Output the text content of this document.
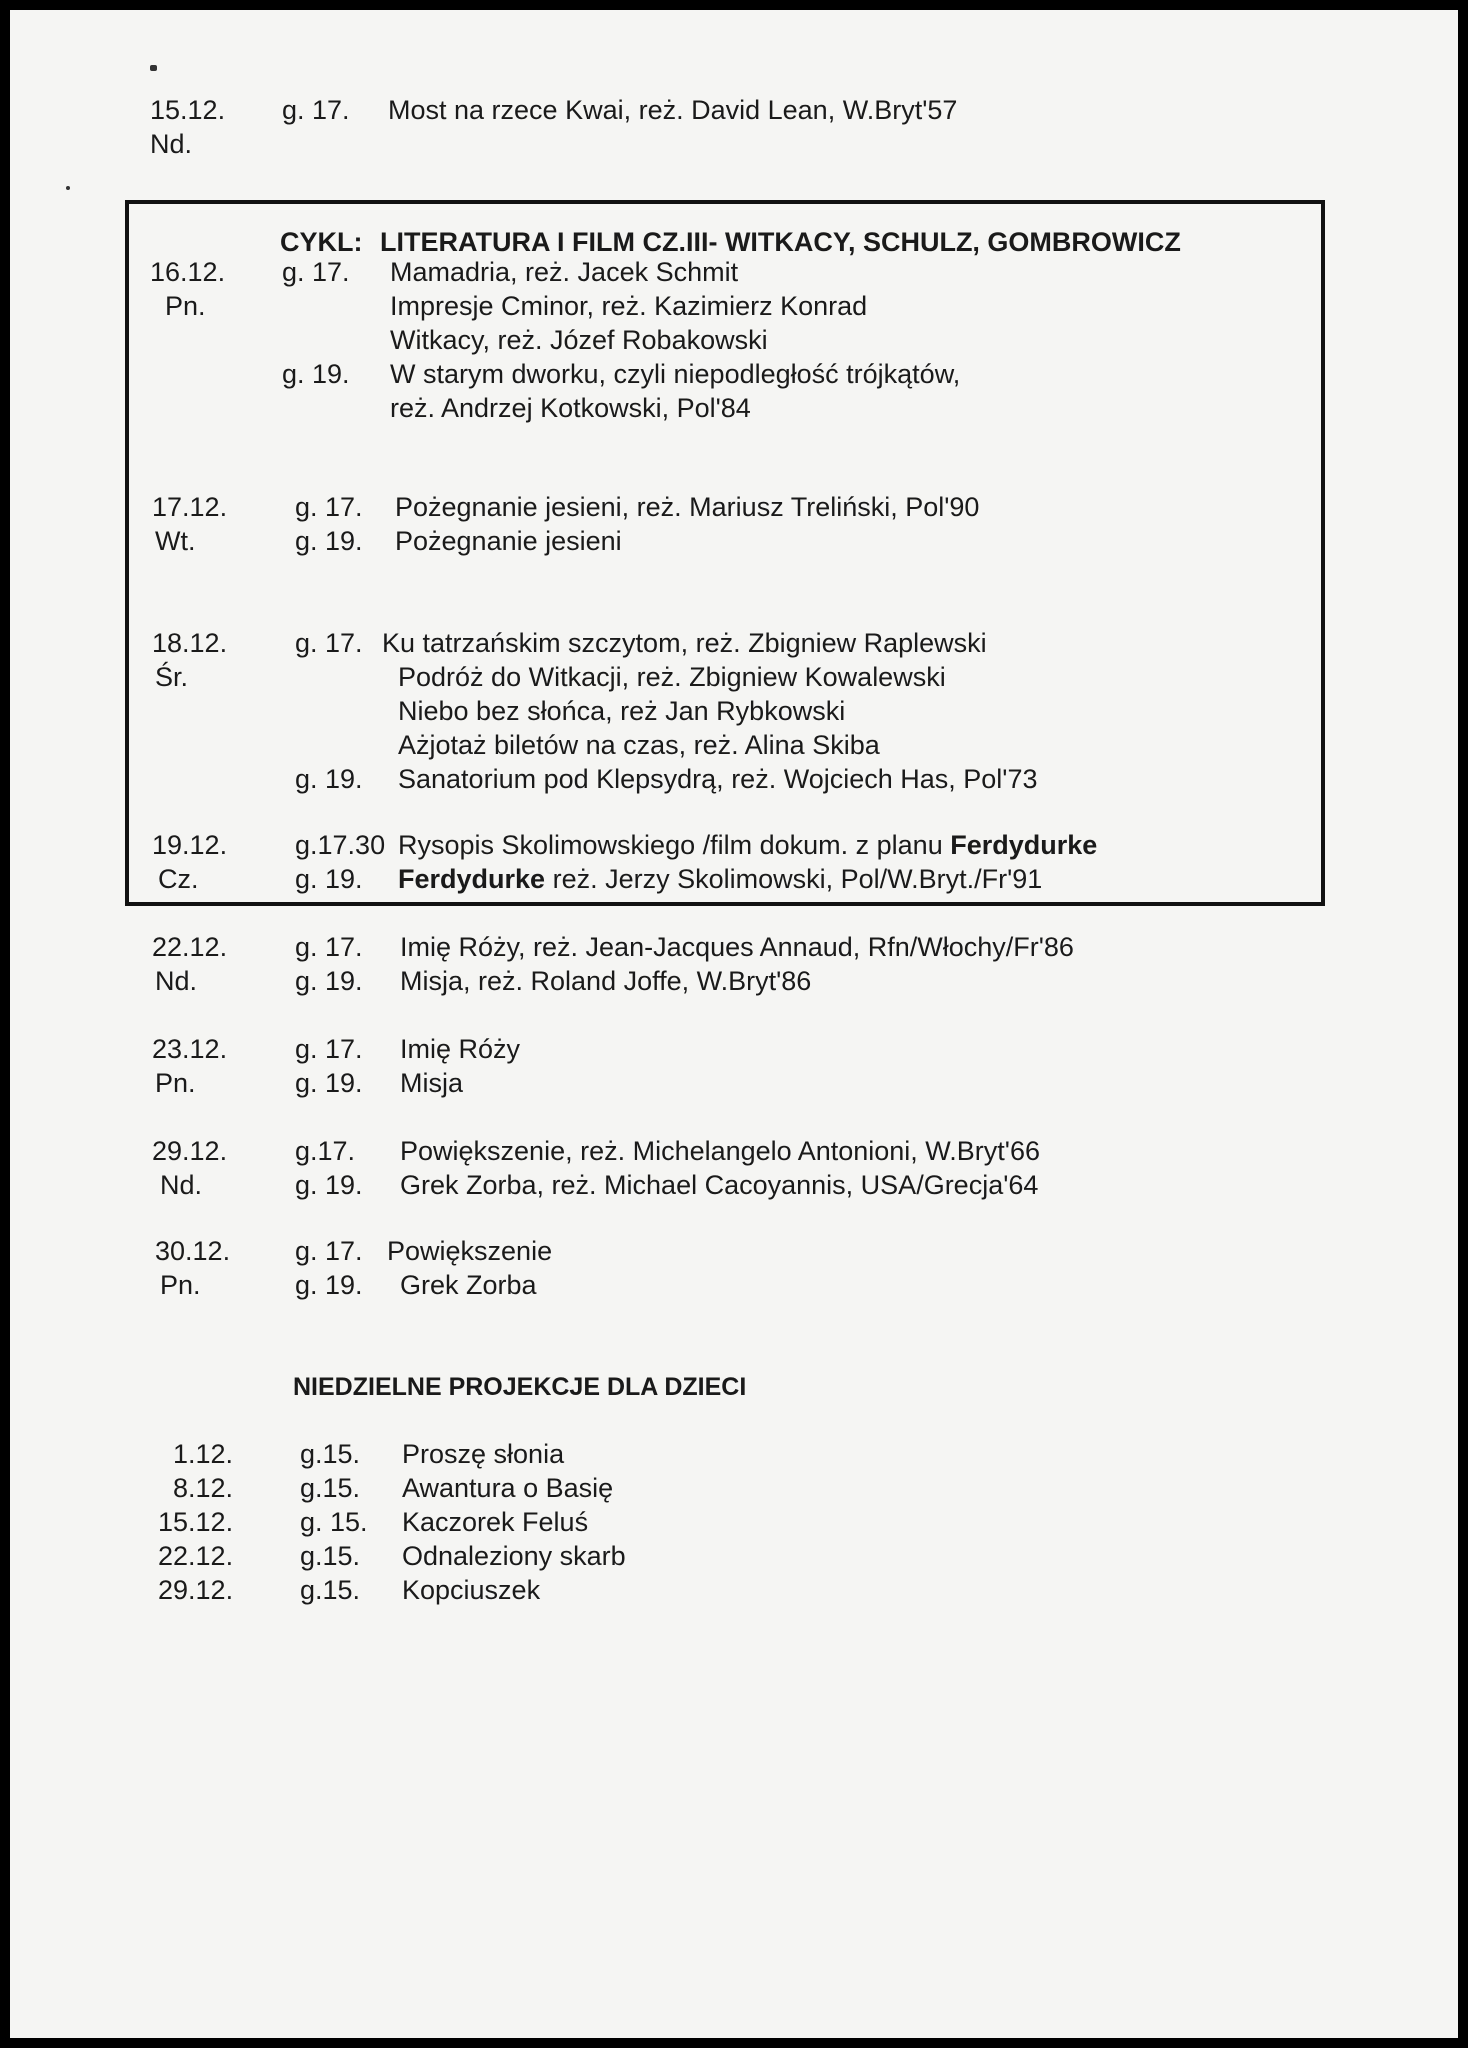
15.12.
Nd.
g. 17. Most na rzece Kwai, reż. David Lean, W.Bryt'57
CYKL: LITERATURA I FILM CZ.III- WITKACY, SCHULZ, GOMBROWICZ
16.12.
Pn.
g. 17. Mamadria, reż. Jacek Schmit
Impresje Cminor, reż. Kazimierz Konrad
Witkacy, reż. Józef Robakowski
g. 19. W starym dworku, czyli niepodległość trójkątów,
reż. Andrzej Kotkowski, Pol'84
17.12.
Wt.
g. 17. Pożegnanie jesieni, reż. Mariusz Treliński, Pol'90
g. 19. Pożegnanie jesieni
18.12.
Śr.
g. 17. Ku tatrzańskim szczytom, reż. Zbigniew Raplewski
Podróż do Witkacji, reż. Zbigniew Kowalewski
Niebo bez słońca, reż Jan Rybkowski
Ażjotaż biletów na czas, reż. Alina Skiba
g. 19. Sanatorium pod Klepsydrą, reż. Wojciech Has, Pol'73
19.12.
Cz.
g.17.30 Rysopis Skolimowskiego /film dokum. z planu Ferdydurke
g. 19. Ferdydurke reż. Jerzy Skolimowski, Pol/W.Bryt./Fr'91
22.12.
Nd.
g. 17. Imię Róży, reż. Jean-Jacques Annaud, Rfn/Włochy/Fr'86
g. 19. Misja, reż. Roland Joffe, W.Bryt'86
23.12.
Pn.
g. 17. Imię Róży
g. 19. Misja
29.12.
Nd.
g.17. Powiększenie, reż. Michelangelo Antonioni, W.Bryt'66
g. 19. Grek Zorba, reż. Michael Cacoyannis, USA/Grecja'64
30.12.
Pn.
g. 17. Powiększenie
g. 19. Grek Zorba
NIEDZIELNE PROJEKCJE DLA DZIECI
1.12. g.15. Proszę słonia
8.12. g.15. Awantura o Basię
15.12. g. 15. Kaczorek Feluś
22.12. g.15. Odnaleziony skarb
29.12. g.15. Kopciuszek
